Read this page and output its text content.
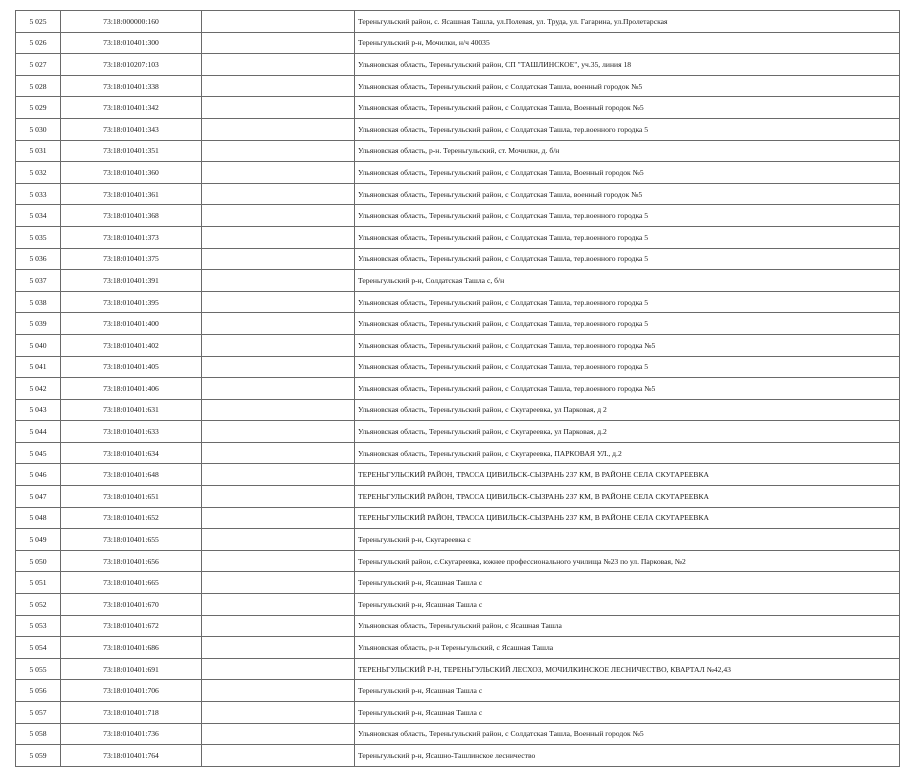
5 025	73:18:000000:160		Тереньгульский район, с. Ясашная Ташла, ул.Полевая, ул. Труда, ул. Гагарина, ул.Пролетарская
5 026	73:18:010401:300		Тереньгульский р-н, Мочилки, н/ч 40035
5 027	73:18:010207:103		Ульяновская область, Тереньгульский район, СП "ТАШЛИНСКОЕ", уч.35, линия 18
5 028	73:18:010401:338		Ульяновская область, Тереньгульский район, с Солдатская Ташла, военный городок №5
5 029	73:18:010401:342		Ульяновская область, Тереньгульский район, с Солдатская Ташла, Военный городок №5
5 030	73:18:010401:343		Ульяновская область, Тереньгульский район, с Солдатская Ташла, тер.военного городка 5
5 031	73:18:010401:351		Ульяновская область, р-н. Тереньгульский, ст. Мочилки, д. б/н
5 032	73:18:010401:360		Ульяновская область, Тереньгульский район, с Солдатская Ташла, Военный городок №5
5 033	73:18:010401:361		Ульяновская область, Тереньгульский район, с Солдатская Ташла, военный городок №5
5 034	73:18:010401:368		Ульяновская область, Тереньгульский район, с Солдатская Ташла, тер.военного городка 5
5 035	73:18:010401:373		Ульяновская область, Тереньгульский район, с Солдатская Ташла, тер.военного городка 5
5 036	73:18:010401:375		Ульяновская область, Тереньгульский район, с Солдатская Ташла, тер.военного городка 5
5 037	73:18:010401:391		Тереньгульский р-н, Солдатская Ташла с, б/н
5 038	73:18:010401:395		Ульяновская область, Тереньгульский район, с Солдатская Ташла, тер.военного городка 5
5 039	73:18:010401:400		Ульяновская область, Тереньгульский район, с Солдатская Ташла, тер.военного городка 5
5 040	73:18:010401:402		Ульяновская область, Тереньгульский район, с Солдатская Ташла, тер.военного городка №5
5 041	73:18:010401:405		Ульяновская область, Тереньгульский район, с Солдатская Ташла, тер.военного городка 5
5 042	73:18:010401:406		Ульяновская область, Тереньгульский район, с Солдатская Ташла, тер.военного городка №5
5 043	73:18:010401:631		Ульяновская область, Тереньгульский район, с Скугареевка, ул Парковая, д 2
5 044	73:18:010401:633		Ульяновская область, Тереньгульский район, с Скугареевка, ул Парковая, д.2
5 045	73:18:010401:634		Ульяновская область, Тереньгульский район, с Скугареевка, ПАРКОВАЯ УЛ., д.2
5 046	73:18:010401:648		ТЕРЕНЬГУЛЬСКИЙ РАЙОН, ТРАССА ЦИВИЛЬСК-СЫЗРАНЬ 237 КМ, В РАЙОНЕ СЕЛА СКУГАРЕЕВКА
5 047	73:18:010401:651		ТЕРЕНЬГУЛЬСКИЙ РАЙОН, ТРАССА ЦИВИЛЬСК-СЫЗРАНЬ 237 КМ, В РАЙОНЕ СЕЛА СКУГАРЕЕВКА
5 048	73:18:010401:652		ТЕРЕНЬГУЛЬСКИЙ РАЙОН, ТРАССА ЦИВИЛЬСК-СЫЗРАНЬ 237 КМ, В РАЙОНЕ СЕЛА СКУГАРЕЕВКА
5 049	73:18:010401:655		Тереньгульский р-н, Скугареевка с
5 050	73:18:010401:656		Тереньгульский район, с.Скугареевка, южнее профессионального училища №23 по ул. Парковая, №2
5 051	73:18:010401:665		Тереньгульский р-н, Ясашная Ташла с
5 052	73:18:010401:670		Тереньгульский р-н, Ясашная Ташла с
5 053	73:18:010401:672		Ульяновская область, Тереньгульский район, с Ясашная Ташла
5 054	73:18:010401:686		Ульяновская область, р-н Тереньгульский, с Ясашная Ташла
5 055	73:18:010401:691		ТЕРЕНЬГУЛЬСКИЙ Р-Н, ТЕРЕНЬГУЛЬСКИЙ ЛЕСХОЗ, МОЧИЛКИНСКОЕ ЛЕСНИЧЕСТВО, КВАРТАЛ №42,43
5 056	73:18:010401:706		Тереньгульский р-н, Ясашная Ташла с
5 057	73:18:010401:718		Тереньгульский р-н, Ясашная Ташла с
5 058	73:18:010401:736		Ульяновская область, Тереньгульский район, с Солдатская Ташла, Военный городок №5
5 059	73:18:010401:764		Тереньгульский р-н, Ясашно-Ташлинское лесничество
